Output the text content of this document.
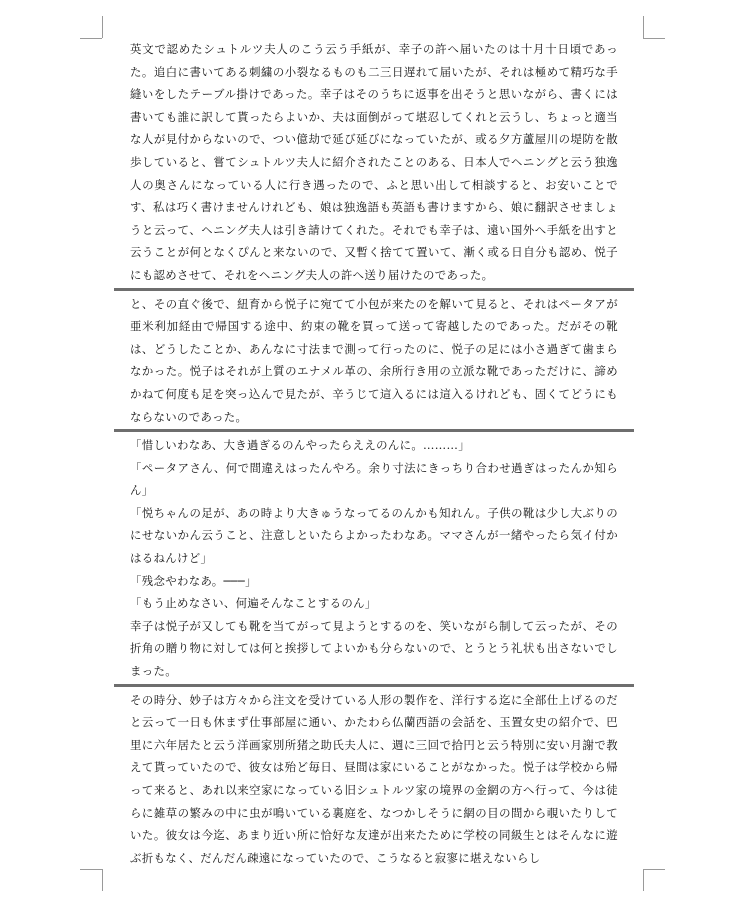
英文で認めたシュトルツ夫人のこう云う手紙が、幸子の許へ届いたのは十月十日頃であった。追白に書いてある刺繍の小裂なるものも二三日遅れて届いたが、それは極めて精巧な手縫いをしたテーブル掛けであった。幸子はそのうちに返事を出そうと思いながら、書くには書いても誰に訳して貰ったらよいか、夫は面倒がって堪忍してくれと云うし、ちょっと適当な人が見付からないので、つい億劫で延び延びになっていたが、或る夕方蘆屋川の堤防を散歩していると、嘗てシュトルツ夫人に紹介されたことのある、日本人でヘニングと云う独逸人の奥さんになっている人に行き遇ったので、ふと思い出して相談すると、お安いことです、私は巧く書けませんけれども、娘は独逸語も英語も書けますから、娘に翻訳させましょうと云って、ヘニング夫人は引き請けてくれた。それでも幸子は、遠い国外へ手紙を出すと云うことが何となくぴんと来ないので、又暫く捨てて置いて、漸く或る日自分も認め、悦子にも認めさせて、それをヘニング夫人の許へ送り届けたのであった。
と、その直ぐ後で、紐育から悦子に宛てて小包が来たのを解いて見ると、それはペータアが亜米利加経由で帰国する途中、約束の靴を買って送って寄越したのであった。だがその靴は、どうしたことか、あんなに寸法まで測って行ったのに、悦子の足には小さ過ぎて歯まらなかった。悦子はそれが上質のエナメル革の、余所行き用の立派な靴であっただけに、諦めかねて何度も足を突っ込んで見たが、辛うじて這入るには這入るけれども、固くてどうにもならないのであった。
「惜しいわなあ、大き過ぎるのんやったらええのんに。………」
「ペータアさん、何で間違えはったんやろ。余り寸法にきっちり合わせ過ぎはったんか知らん」
「悦ちゃんの足が、あの時より大きゅうなってるのんかも知れん。子供の靴は少し大ぶりのにせないかん云うこと、注意しといたらよかったわなあ。ママさんが一緒やったら気イ付かはるねんけど」
「残念やわなあ。───」
「もう止めなさい、何遍そんなことするのん」
幸子は悦子が又しても靴を当てがって見ようとするのを、笑いながら制して云ったが、その折角の贈り物に対しては何と挨拶してよいかも分らないので、とうとう礼状も出さないでしまった。
その時分、妙子は方々から注文を受けている人形の製作を、洋行する迄に全部仕上げるのだと云って一日も休まず仕事部屋に通い、かたわら仏蘭西語の会話を、玉置女史の紹介で、巴里に六年居たと云う洋画家別所猪之助氏夫人に、週に三回で拾円と云う特別に安い月謝で教えて貰っていたので、彼女は殆ど毎日、昼間は家にいることがなかった。悦子は学校から帰って来ると、あれ以来空家になっている旧シュトルツ家の境界の金網の方へ行って、今は徒らに雑草の繁みの中に虫が鳴いている裏庭を、なつかしそうに網の目の間から覗いたりしていた。彼女は今迄、あまり近い所に恰好な友達が出来たために学校の同級生とはそんなに遊ぶ折もなく、だんだん疎遠になっていたので、こうなると寂寥に堪えないらし
